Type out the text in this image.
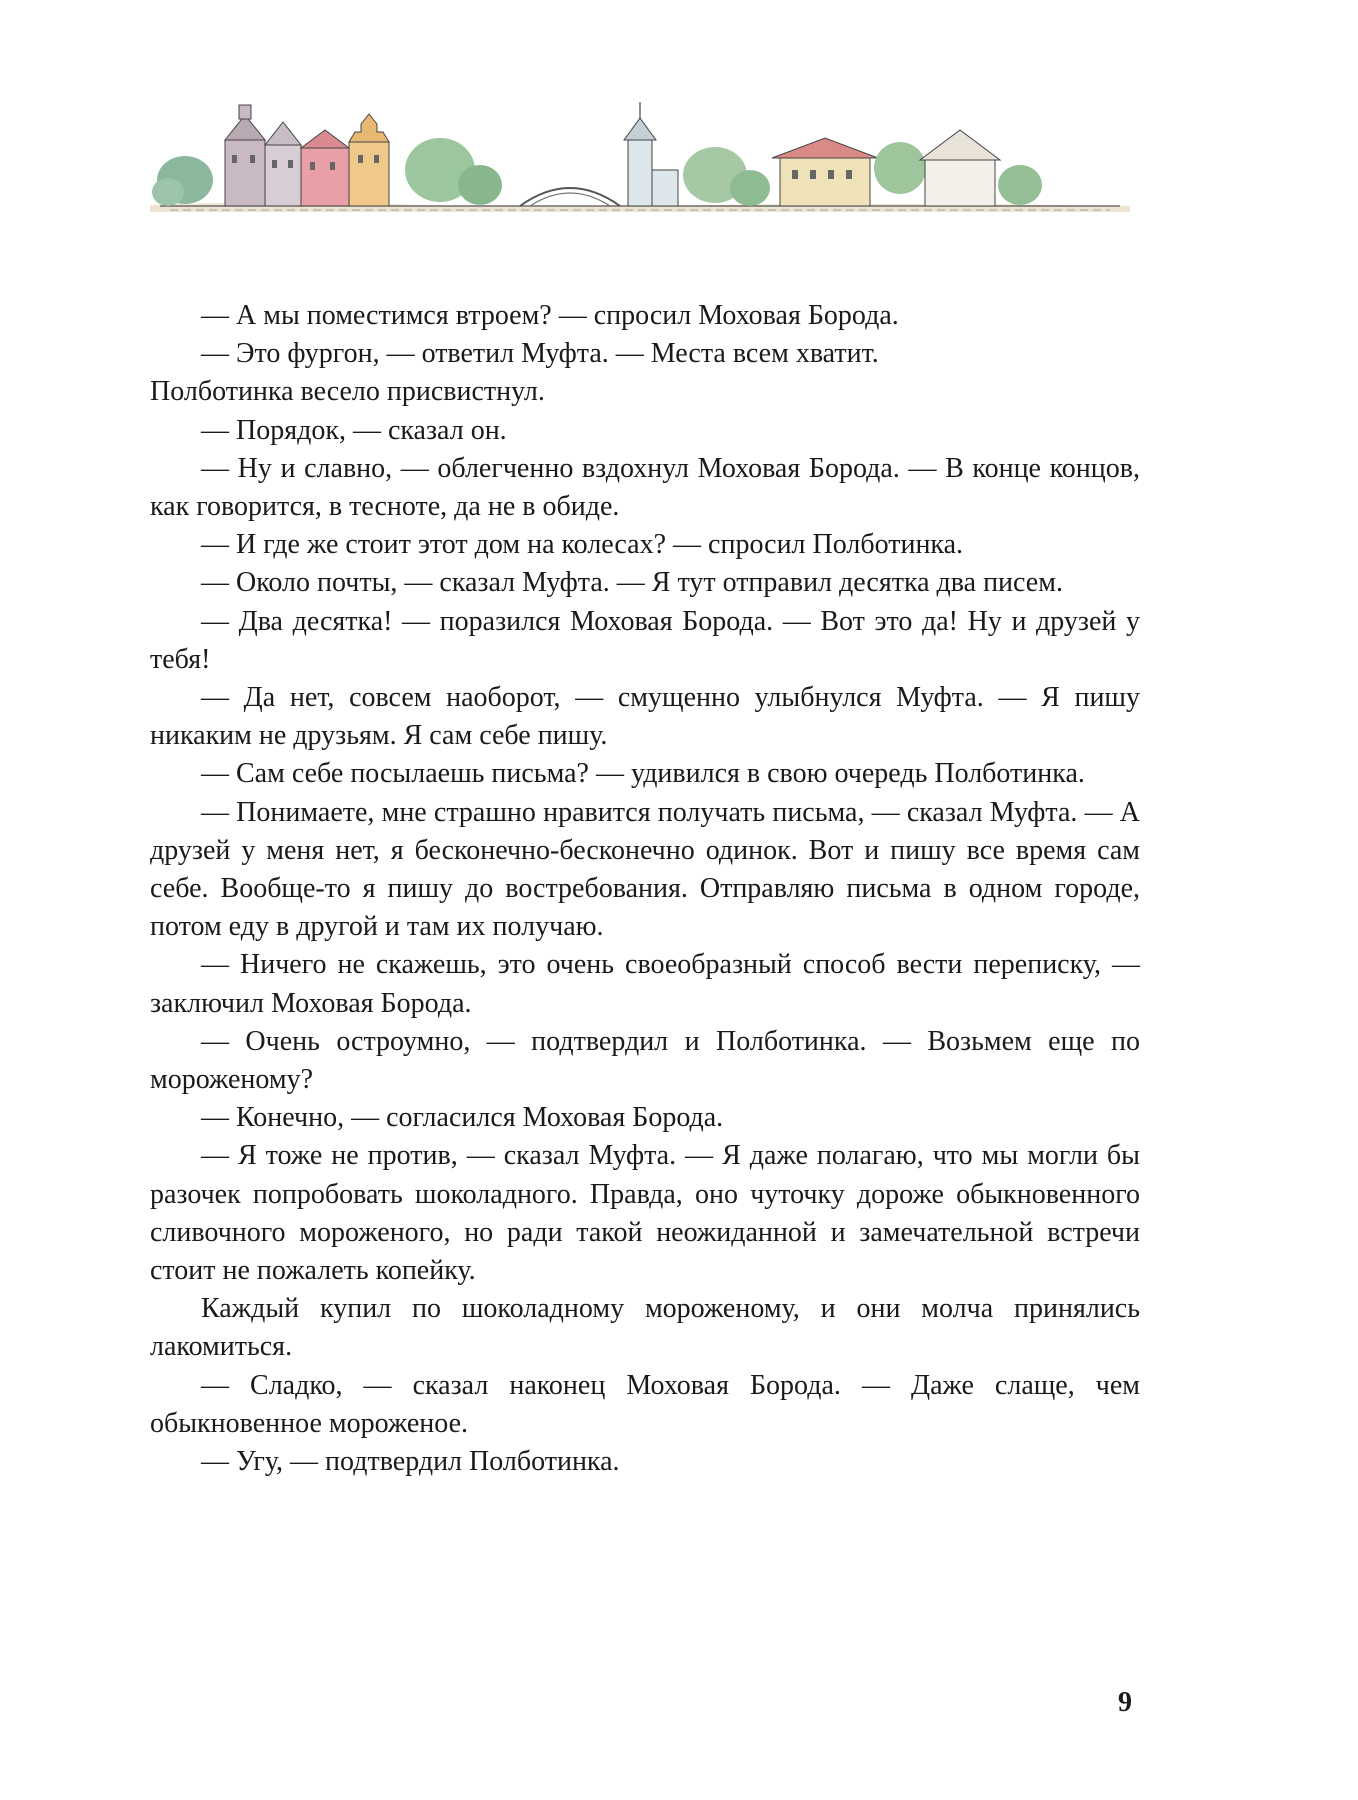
— А мы поместимся втроем? — спросил Моховая Борода.

— Это фургон, — ответил Муфта. — Места всем хватит.

Полботинка весело присвистнул.

— Порядок, — сказал он.

— Ну и славно, — облегченно вздохнул Моховая Борода. — В конце концов, как говорится, в тесноте, да не в обиде.

— И где же стоит этот дом на колесах? — спросил Полботинка.

— Около почты, — сказал Муфта. — Я тут отправил десятка два писем.

— Два десятка! — поразился Моховая Борода. — Вот это да! Ну и друзей у тебя!

— Да нет, совсем наоборот, — смущенно улыбнулся Муфта. — Я пишу никаким не друзьям. Я сам себе пишу.

— Сам себе посылаешь письма? — удивился в свою очередь Полботинка.

— Понимаете, мне страшно нравится получать письма, — сказал Муфта. — А друзей у меня нет, я бесконечно-бесконечно одинок. Вот и пишу все время сам себе. Вообще-то я пишу до востребования. Отправляю письма в одном городе, потом еду в другой и там их получаю.

— Ничего не скажешь, это очень своеобразный способ вести переписку, — заключил Моховая Борода.

— Очень остроумно, — подтвердил и Полботинка. — Возьмем еще по мороженому?

— Конечно, — согласился Моховая Борода.

— Я тоже не против, — сказал Муфта. — Я даже полагаю, что мы могли бы разочек попробовать шоколадного. Правда, оно чуточку дороже обыкновенного сливочного мороженого, но ради такой неожиданной и замечательной встречи стоит не пожалеть копейку.

Каждый купил по шоколадному мороженому, и они молча принялись лакомиться.

— Сладко, — сказал наконец Моховая Борода. — Даже слаще, чем обыкновенное мороженое.

— Угу, — подтвердил Полботинка.

9
